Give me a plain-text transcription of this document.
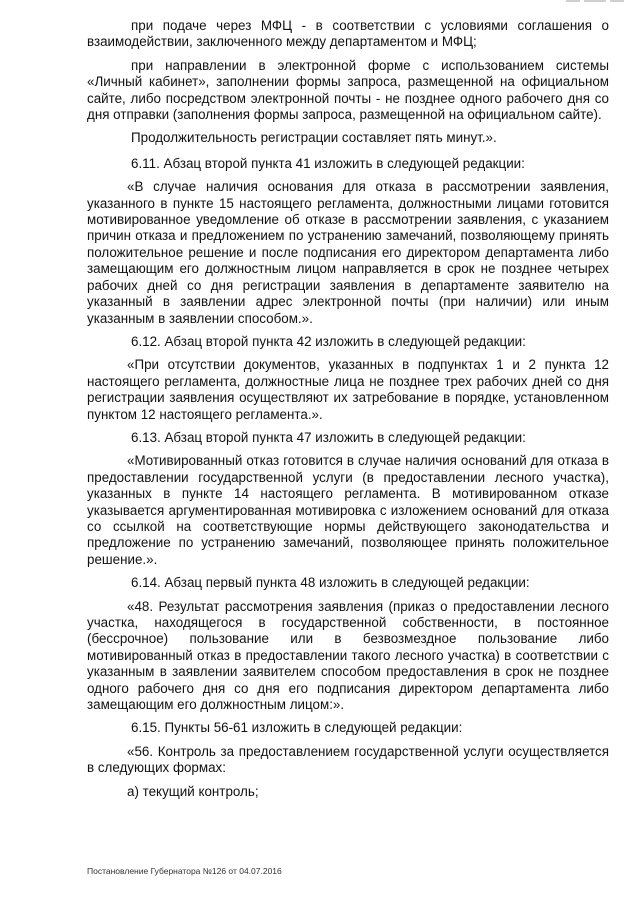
при подаче через МФЦ - в соответствии с условиями соглашения о взаимодействии, заключенного между департаментом и МФЦ;

при направлении в электронной форме с использованием системы «Личный кабинет», заполнении формы запроса, размещенной на официальном сайте, либо посредством электронной почты - не позднее одного рабочего дня со дня отправки (заполнения формы запроса, размещенной на официальном сайте).

Продолжительность регистрации составляет пять минут.».

6.11. Абзац второй пункта 41 изложить в следующей редакции:

«В случае наличия основания для отказа в рассмотрении заявления, указанного в пункте 15 настоящего регламента, должностными лицами готовится мотивированное уведомление об отказе в рассмотрении заявления, с указанием причин отказа и предложением по устранению замечаний, позволяющему принять положительное решение и после подписания его директором департамента либо замещающим его должностным лицом направляется в срок не позднее четырех рабочих дней со дня регистрации заявления в департаменте заявителю на указанный в заявлении адрес электронной почты (при наличии) или иным указанным в заявлении способом.».

6.12. Абзац второй пункта 42 изложить в следующей редакции:

«При отсутствии документов, указанных в подпунктах 1 и 2 пункта 12 настоящего регламента, должностные лица не позднее трех рабочих дней со дня регистрации заявления осуществляют их затребование в порядке, установленном пунктом 12 настоящего регламента.».

6.13. Абзац второй пункта 47 изложить в следующей редакции:

«Мотивированный отказ готовится в случае наличия оснований для отказа в предоставлении государственной услуги (в предоставлении лесного участка), указанных в пункте 14 настоящего регламента. В мотивированном отказе указывается аргументированная мотивировка с изложением оснований для отказа со ссылкой на соответствующие нормы действующего законодательства и предложение по устранению замечаний, позволяющее принять положительное решение.».

6.14. Абзац первый пункта 48 изложить в следующей редакции:

«48. Результат рассмотрения заявления (приказ о предоставлении лесного участка, находящегося в государственной собственности, в постоянное (бессрочное) пользование или в безвозмездное пользование либо мотивированный отказ в предоставлении такого лесного участка) в соответствии с указанным в заявлении заявителем способом предоставления в срок не позднее одного рабочего дня со дня его подписания директором департамента либо замещающим его должностным лицом:».

6.15. Пункты 56-61 изложить в следующей редакции:

«56. Контроль за предоставлением государственной услуги осуществляется в следующих формах:

а) текущий контроль;

Постановление Губернатора №126 от 04.07.2016
